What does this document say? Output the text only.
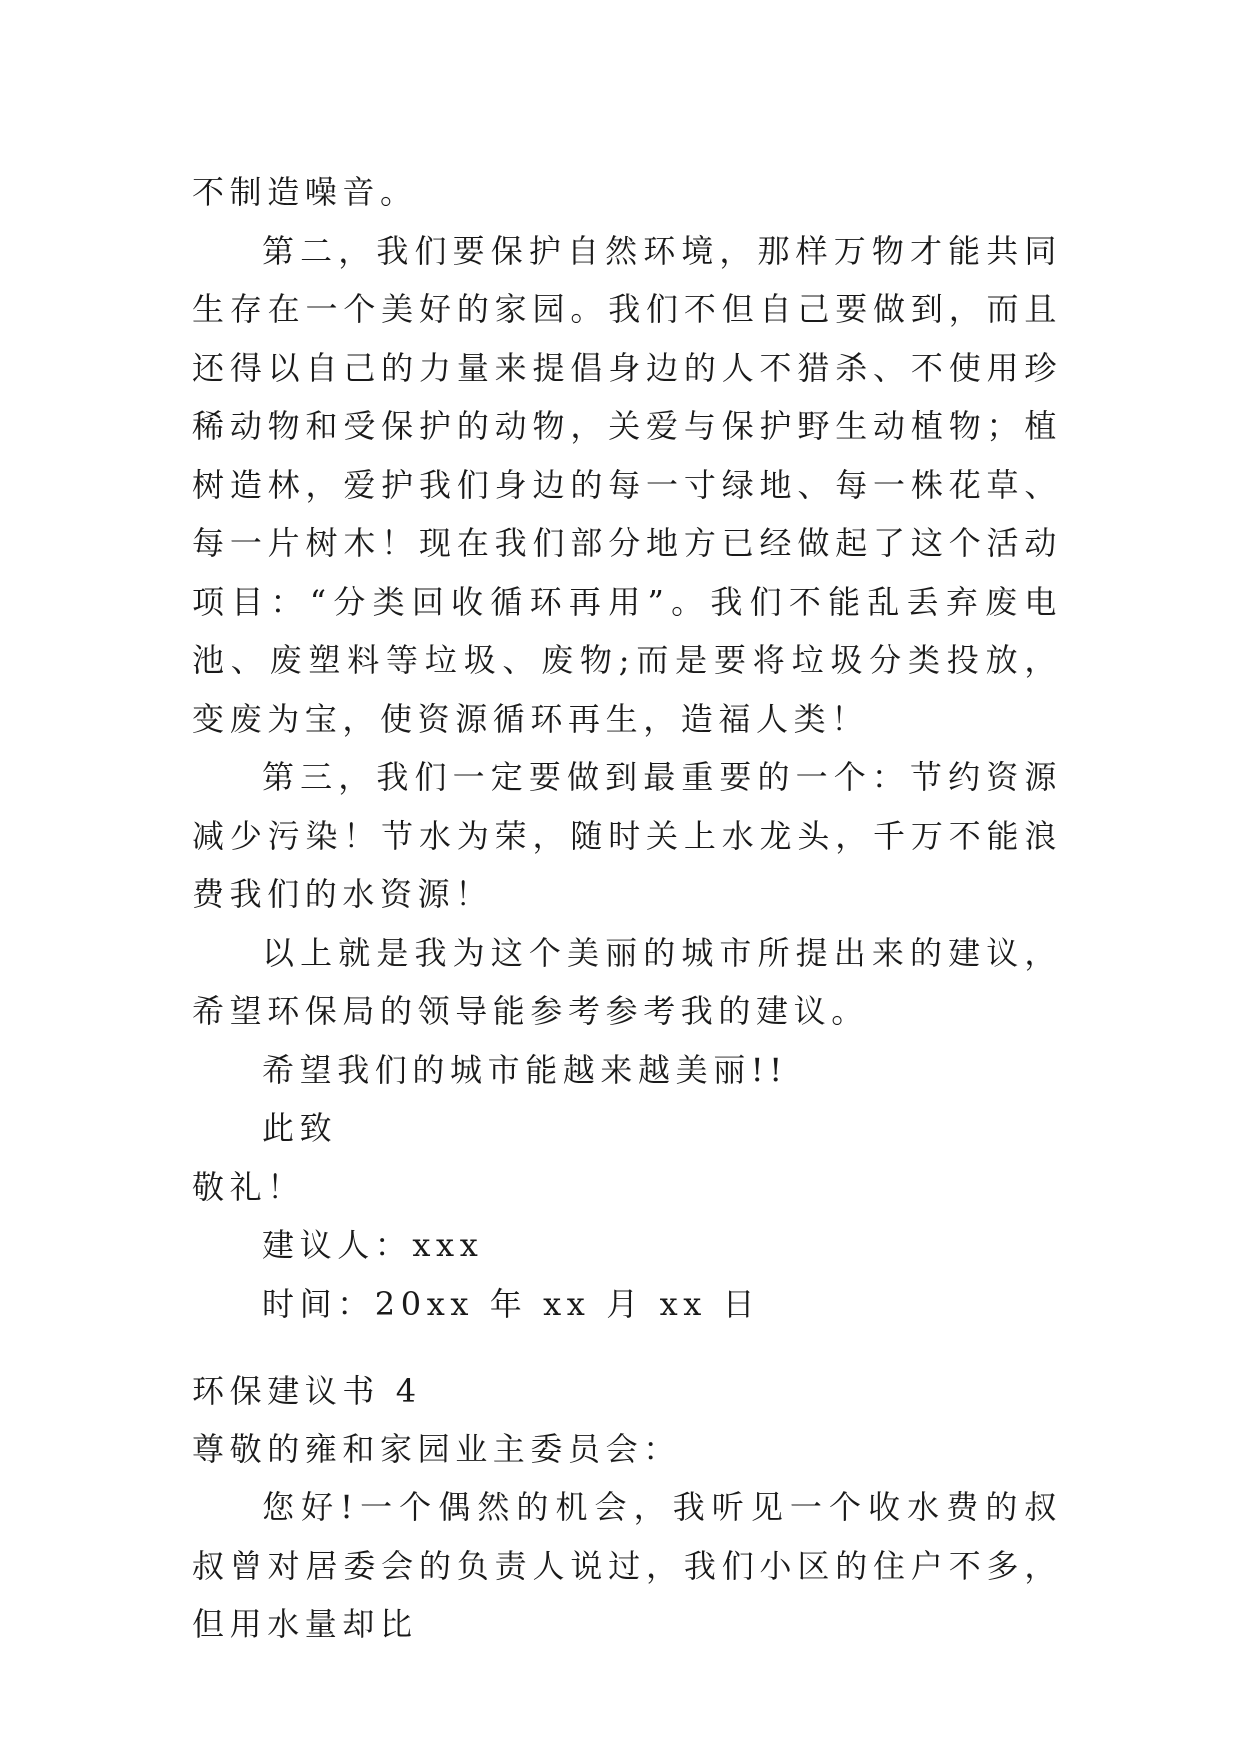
不制造噪音。

第二，我们要保护自然环境，那样万物才能共同生存在一个美好的家园。我们不但自己要做到，而且还得以自己的力量来提倡身边的人不猎杀、不使用珍稀动物和受保护的动物，关爱与保护野生动植物；植树造林，爱护我们身边的每一寸绿地、每一株花草、每一片树木！现在我们部分地方已经做起了这个活动项目：“分类回收循环再用”。我们不能乱丢弃废电池、废塑料等垃圾、废物;而是要将垃圾分类投放，变废为宝，使资源循环再生，造福人类！

第三，我们一定要做到最重要的一个：节约资源减少污染！节水为荣，随时关上水龙头，千万不能浪费我们的水资源！

以上就是我为这个美丽的城市所提出来的建议，希望环保局的领导能参考参考我的建议。

希望我们的城市能越来越美丽!!

此致

敬礼！

建议人：xxx

时间：20xx 年 xx 月 xx 日

环保建议书 4

尊敬的雍和家园业主委员会：

您好!一个偶然的机会，我听见一个收水费的叔叔曾对居委会的负责人说过，我们小区的住户不多，但用水量却比
